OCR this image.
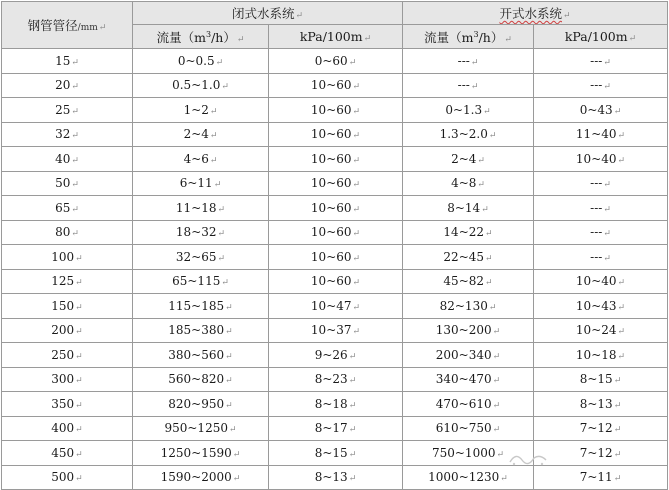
钢管管径/mm↵	闭式水系统↵		开式水系统↵	
	流量$(m^3/h)↵$	kPa/100m↵	流量$(m^3/h)↵$	kPa/100m↵
15↵	0~0.5↵	0~60↵	---↵	---↵
20↵	0.5~1.0↵	10~60↵	---↵	---↵
25↵	1~2↵	10~60↵	0~1.3↵	0~43↵
32↵	2~4↵	10~60↵	1.3~2.0↵	11~40↵
40↵	4~6↵	10~60↵	2~4↵	10~40↵
50↵	6~11↵	10~60↵	4~8↵	---↵
65↵	11~18↵	10~60↵	8~14↵	---↵
80↵	18~32↵	10~60↵	14~22↵	---↵
100↵	32~65↵	10~60↵	22~45↵	---↵
125↵	65~115↵	10~60↵	45~82↵	10~40↵
150↵	115~185↵	10~47↵	82~130↵	10~43↵
200↵	185~380↵	10~37↵	130~200↵	10~24↵
250↵	380~560↵	9~26↵	200~340↵	10~18↵
300↵	560~820↵	8~23↵	340~470↵	8~15↵
350↵	820~950↵	8~18↵	470~610↵	8~13↵
400↵	950~1250↵	8~17↵	610~750↵	7~12↵
450↵	1250~1590↵	8~15↵	750~1000↵	7~12↵
500↵	1590~2000↵	8~13↵	1000~1230↵	7~11↵
